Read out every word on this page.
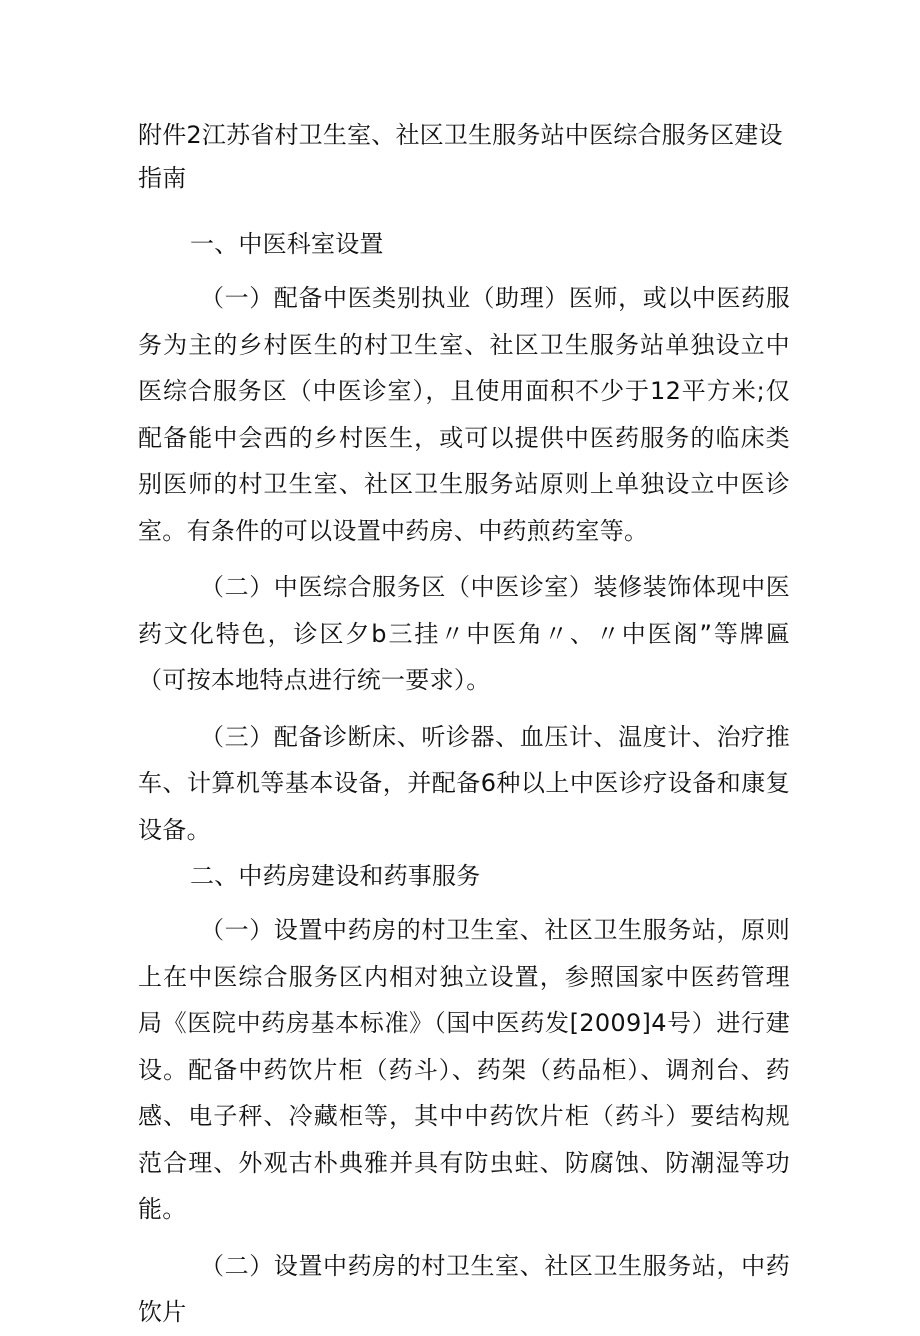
附件2江苏省村卫生室、社区卫生服务站中医综合服务区建设指南

一、中医科室设置

（一）配备中医类别执业（助理）医师，或以中医药服务为主的乡村医生的村卫生室、社区卫生服务站单独设立中医综合服务区（中医诊室），且使用面积不少于12平方米;仅配备能中会西的乡村医生，或可以提供中医药服务的临床类别医师的村卫生室、社区卫生服务站原则上单独设立中医诊室。有条件的可以设置中药房、中药煎药室等。

（二）中医综合服务区（中医诊室）装修装饰体现中医药文化特色，诊区夕b三挂〃中医角〃、〃中医阁”等牌匾（可按本地特点进行统一要求）。

（三）配备诊断床、听诊器、血压计、温度计、治疗推车、计算机等基本设备，并配备6种以上中医诊疗设备和康复设备。

二、中药房建设和药事服务

（一）设置中药房的村卫生室、社区卫生服务站，原则上在中医综合服务区内相对独立设置，参照国家中医药管理局《医院中药房基本标准》（国中医药发[2009]4号）进行建设。配备中药饮片柜（药斗）、药架（药品柜）、调剂台、药感、电子秤、冷藏柜等，其中中药饮片柜（药斗）要结构规范合理、外观古朴典雅并具有防虫蛀、防腐蚀、防潮湿等功能。

（二）设置中药房的村卫生室、社区卫生服务站，中药饮片
